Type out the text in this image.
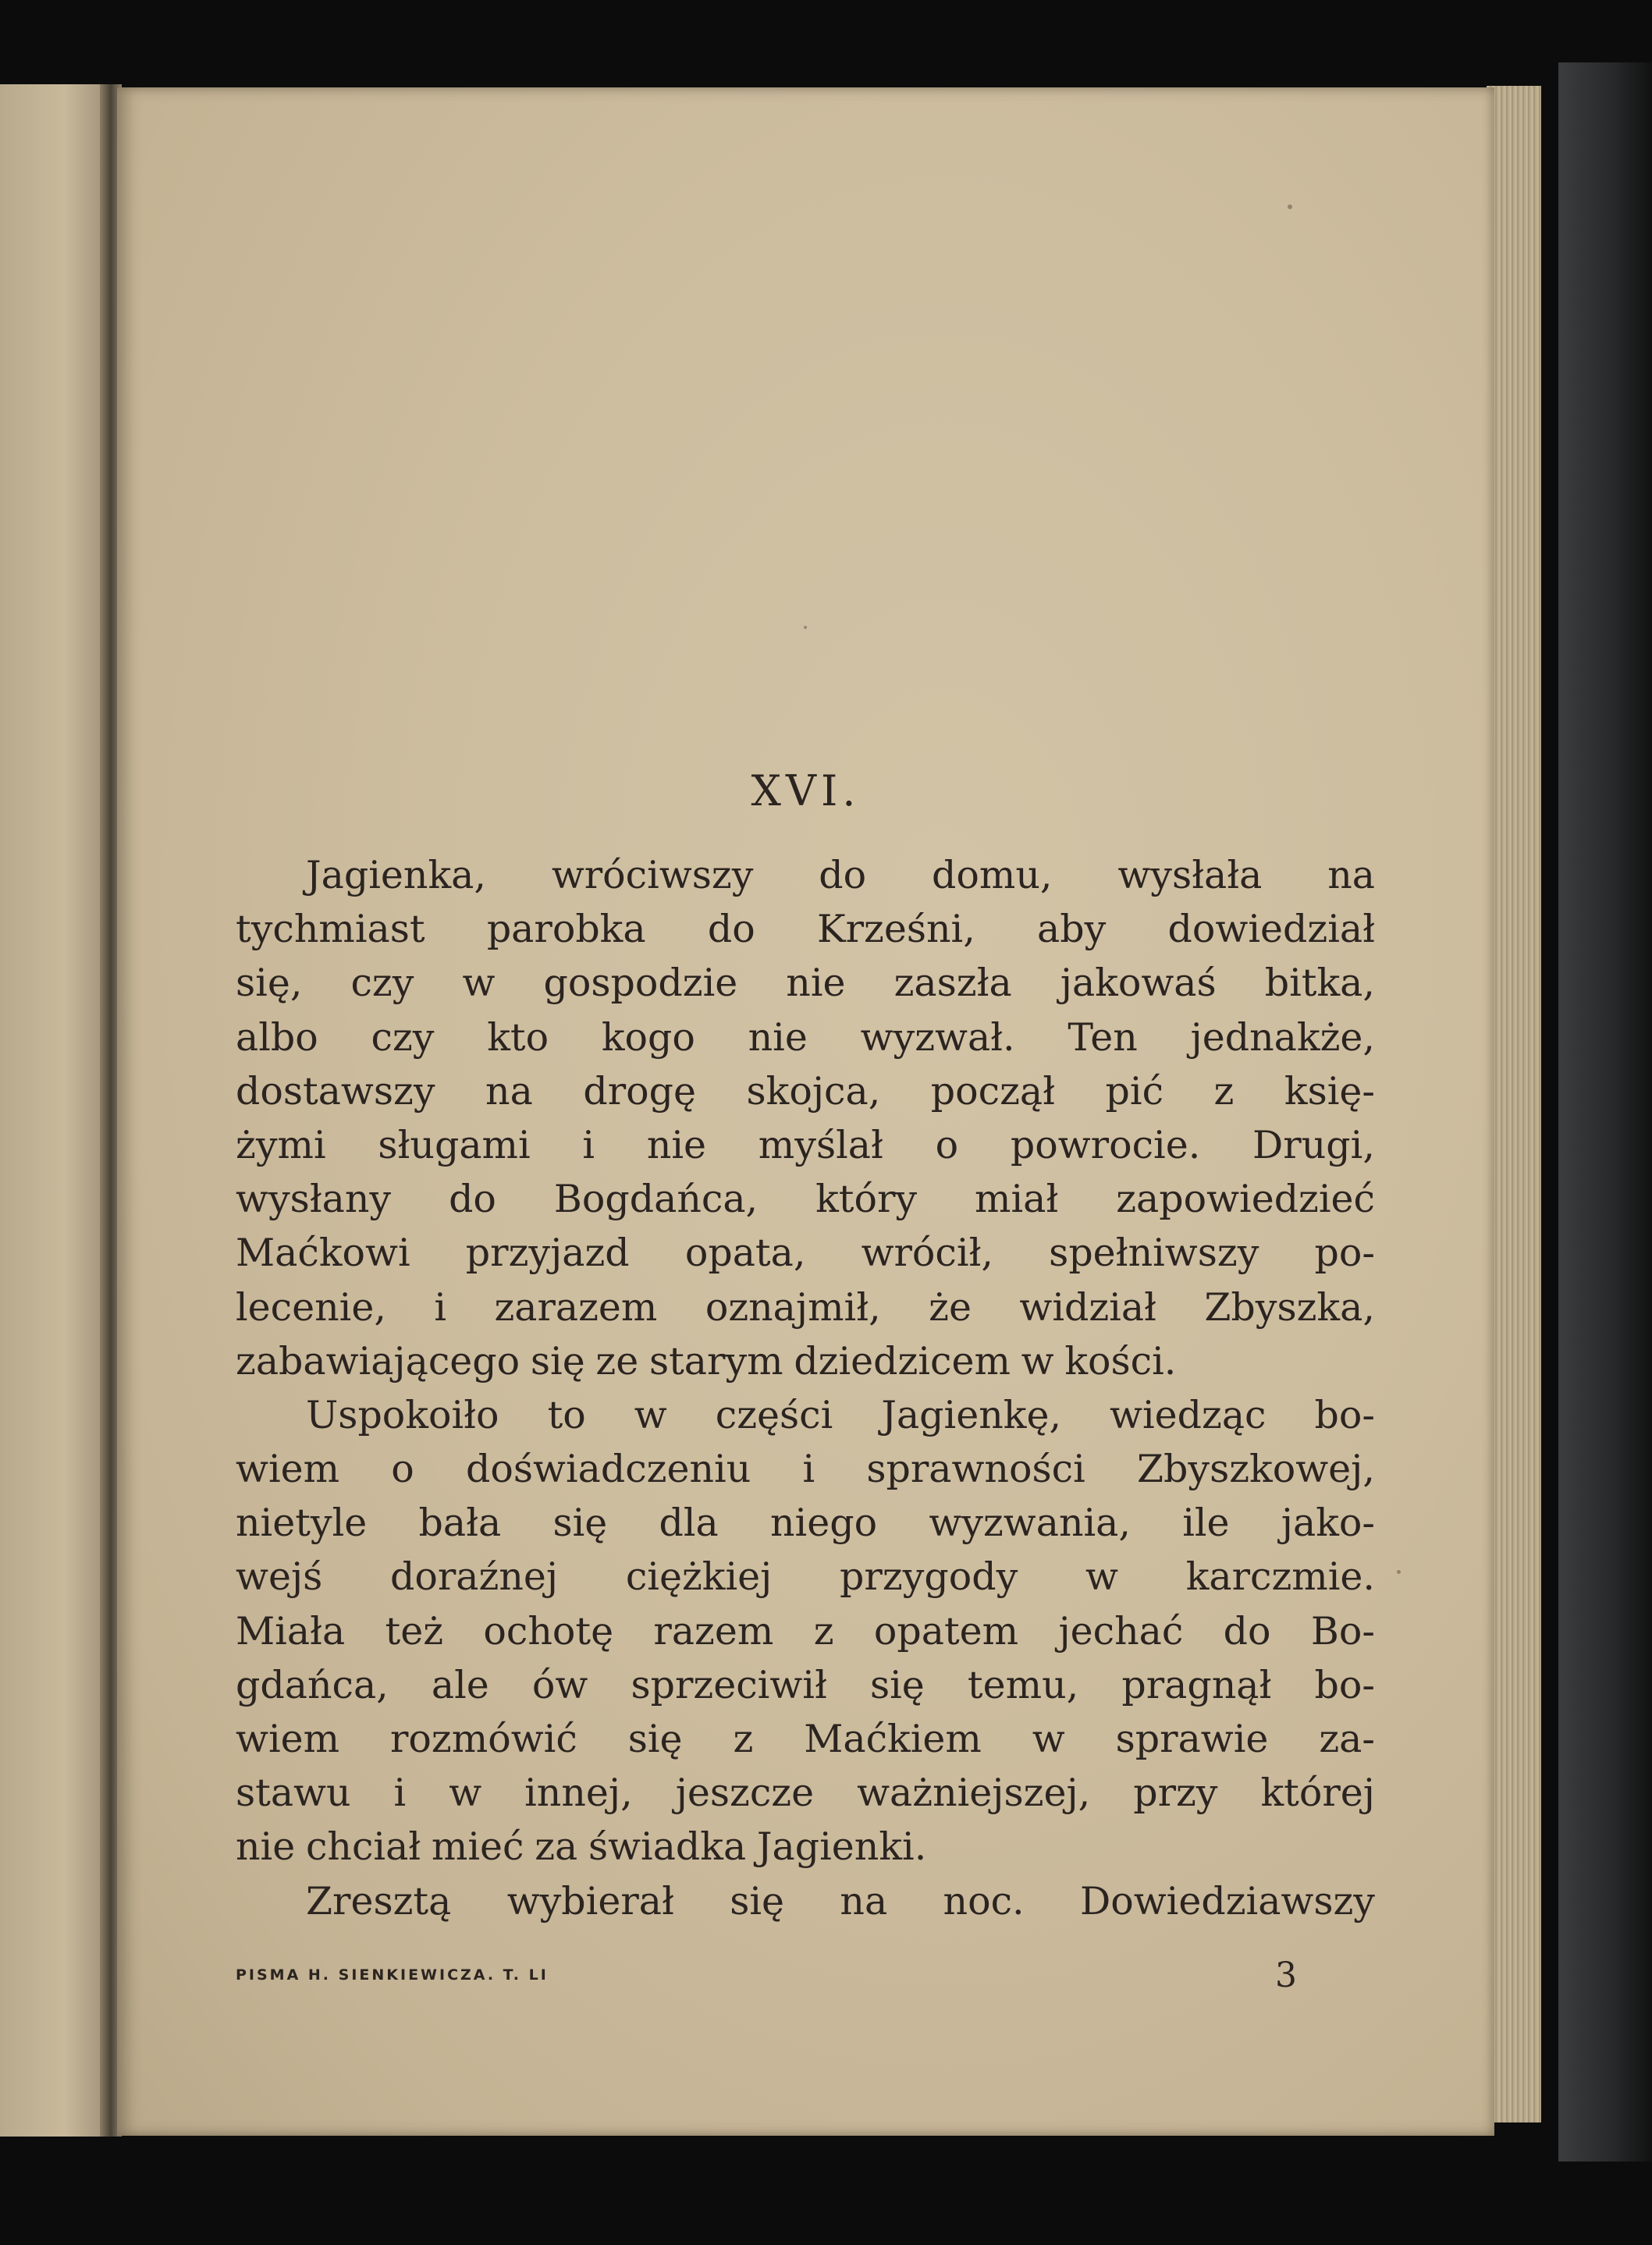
XVI.
Jagienka, wróciwszy do domu, wysłała na
tychmiast parobka do Krześni, aby dowiedział
się, czy w gospodzie nie zaszła jakowaś bitka,
albo czy kto kogo nie wyzwał. Ten jednakże,
dostawszy na drogę skojca, począł pić z księ-
żymi sługami i nie myślał o powrocie. Drugi,
wysłany do Bogdańca, który miał zapowiedzieć
Maćkowi przyjazd opata, wrócił, spełniwszy po-
lecenie, i zarazem oznajmił, że widział Zbyszka,
zabawiającego się ze starym dziedzicem w kości.
Uspokoiło to w części Jagienkę, wiedząc bo-
wiem o doświadczeniu i sprawności Zbyszkowej,
nietyle bała się dla niego wyzwania, ile jako-
wejś doraźnej ciężkiej przygody w karczmie.
Miała też ochotę razem z opatem jechać do Bo-
gdańca, ale ów sprzeciwił się temu, pragnął bo-
wiem rozmówić się z Maćkiem w sprawie za-
stawu i w innej, jeszcze ważniejszej, przy której
nie chciał mieć za świadka Jagienki.
Zresztą wybierał się na noc. Dowiedziawszy
PISMA H. SIENKIEWICZA. T. LI	3
